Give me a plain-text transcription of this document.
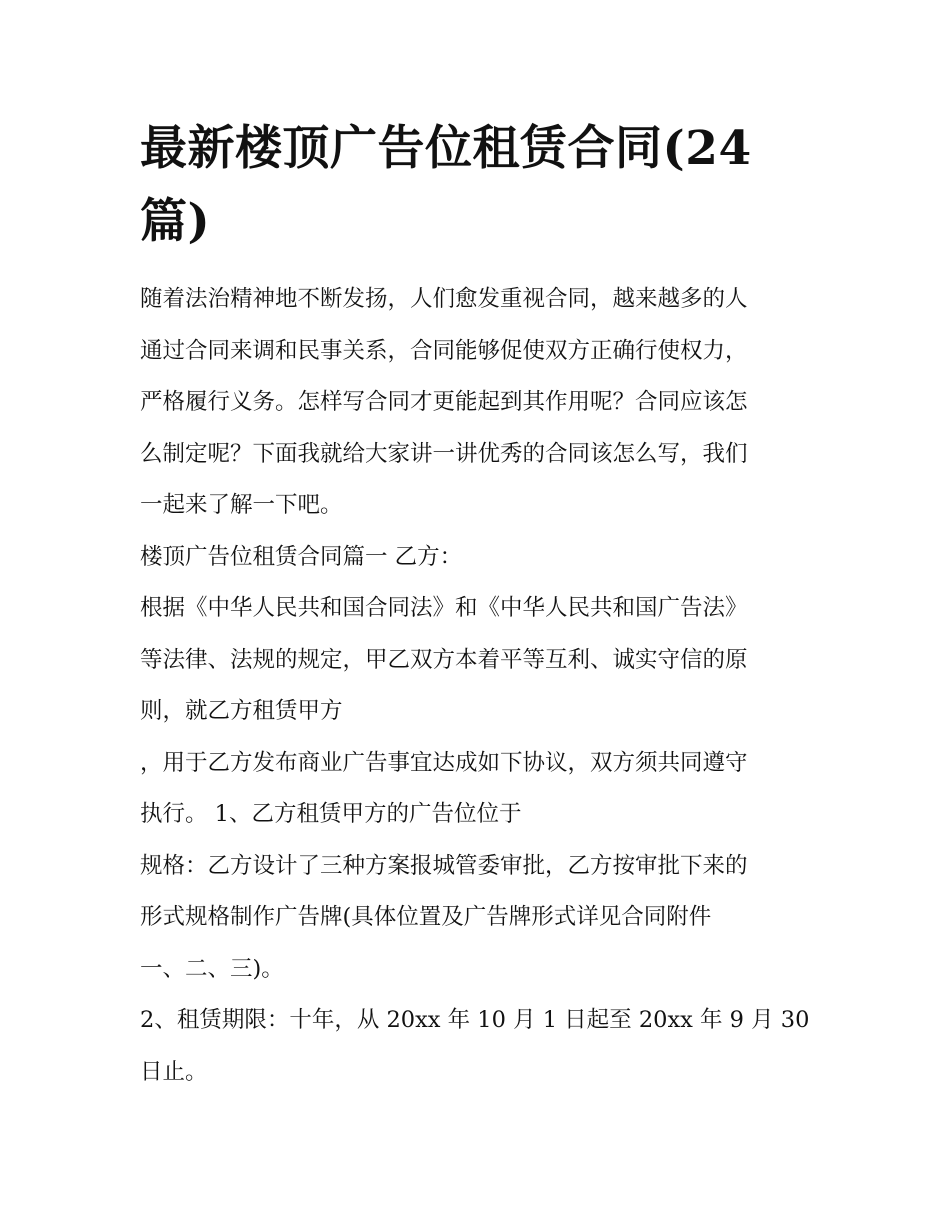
最新楼顶广告位租赁合同(24
篇)
随着法治精神地不断发扬，人们愈发重视合同，越来越多的人
通过合同来调和民事关系，合同能够促使双方正确行使权力，
严格履行义务。怎样写合同才更能起到其作用呢？合同应该怎
么制定呢？下面我就给大家讲一讲优秀的合同该怎么写，我们
一起来了解一下吧。
楼顶广告位租赁合同篇一 乙方：
根据《中华人民共和国合同法》和《中华人民共和国广告法》
等法律、法规的规定，甲乙双方本着平等互利、诚实守信的原
则，就乙方租赁甲方
，用于乙方发布商业广告事宜达成如下协议，双方须共同遵守
执行。 1、乙方租赁甲方的广告位位于
规格：乙方设计了三种方案报城管委审批，乙方按审批下来的
形式规格制作广告牌(具体位置及广告牌形式详见合同附件
一、二、三)。
2、租赁期限：十年，从 20xx 年 10 月 1 日起至 20xx 年 9 月 30
日止。
